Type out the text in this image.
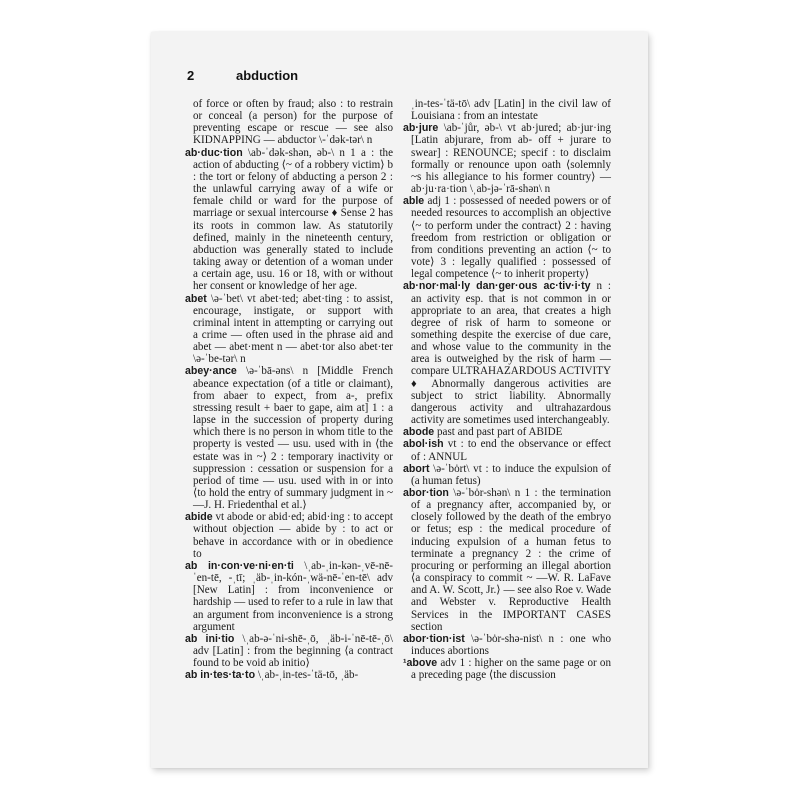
2	abduction

of force or often by fraud; also : to restrain or conceal (a person) for the purpose of preventing escape or rescue — see also KIDNAPPING — abductor \-ˈdək-tər\ n

ab·duc·tion \ab-ˈdək-shən, əb-\ n 1 a : the action of abducting ⟨~ of a robbery victim⟩ b : the tort or felony of abducting a person 2 : the unlawful carrying away of a wife or female child or ward for the purpose of marriage or sexual intercourse ♦ Sense 2 has its roots in common law. As statutorily defined, mainly in the nineteenth century, abduction was generally stated to include taking away or detention of a woman under a certain age, usu. 16 or 18, with or without her consent or knowledge of her age.

abet \ə-ˈbet\ vt abet·ted; abet·ting : to assist, encourage, instigate, or support with criminal intent in attempting or carrying out a crime — often used in the phrase aid and abet — abet·ment n — abet·tor also abet·ter \ə-ˈbe-tər\ n

abey·ance \ə-ˈbā-əns\ n [Middle French abeance expectation (of a title or claimant), from abaer to expect, from a-, prefix stressing result + baer to gape, aim at] 1 : a lapse in the succession of property during which there is no person in whom title to the property is vested — usu. used with in ⟨the estate was in ~⟩ 2 : temporary inactivity or suppression : cessation or suspension for a period of time — usu. used with in or into ⟨to hold the entry of summary judgment in ~ —J. H. Friedenthal et al.⟩

abide vt abode or abid·ed; abid·ing : to accept without objection — abide by : to act or behave in accordance with or in obedience to

ab in·con·ve·ni·en·ti \ˌab-ˌin-kən-ˌvē-nē-ˈen-tē, -ˌtī; ˌäb-ˌin-kón-ˌwä-nē-ˈen-tē\ adv [New Latin] : from inconvenience or hardship — used to refer to a rule in law that an argument from inconvenience is a strong argument

ab ini·tio \ˌab-ə-ˈni-shē-ˌō, ˌäb-i-ˈnē-tē-ˌō\ adv [Latin] : from the beginning ⟨a contract found to be void ab initio⟩

ab in·tes·ta·to \ˌab-ˌin-tes-ˈtä-tō, ˌäb-

ˌin-tes-ˈtä-tō\ adv [Latin] in the civil law of Louisiana : from an intestate

ab·jure \ab-ˈjůr, əb-\ vt ab·jured; ab·jur·ing [Latin abjurare, from ab- off + jurare to swear] : RENOUNCE; specif : to disclaim formally or renounce upon oath ⟨solemnly ~s his allegiance to his former country⟩ — ab·ju·ra·tion \ˌab-jə-ˈrā-shən\ n

able adj 1 : possessed of needed powers or of needed resources to accomplish an objective ⟨~ to perform under the contract⟩ 2 : having freedom from restriction or obligation or from conditions preventing an action ⟨~ to vote⟩ 3 : legally qualified : possessed of legal competence ⟨~ to inherit property⟩

ab·nor·mal·ly dan·ger·ous ac·tiv·i·ty n : an activity esp. that is not common in or appropriate to an area, that creates a high degree of risk of harm to someone or something despite the exercise of due care, and whose value to the community in the area is outweighed by the risk of harm — compare ULTRAHAZARDOUS ACTIVITY ♦ Abnormally dangerous activities are subject to strict liability. Abnormally dangerous activity and ultrahazardous activity are sometimes used interchangeably.

abode past and past part of ABIDE

abol·ish vt : to end the observance or effect of : ANNUL

abort \ə-ˈbȯrt\ vt : to induce the expulsion of (a human fetus)

abor·tion \ə-ˈbȯr-shən\ n 1 : the termination of a pregnancy after, accompanied by, or closely followed by the death of the embryo or fetus; esp : the medical procedure of inducing expulsion of a human fetus to terminate a pregnancy 2 : the crime of procuring or performing an illegal abortion ⟨a conspiracy to commit ~ —W. R. LaFave and A. W. Scott, Jr.⟩ — see also Roe v. Wade and Webster v. Reproductive Health Services in the IMPORTANT CASES section

abor·tion·ist \ə-ˈbȯr-shə-nist\ n : one who induces abortions

¹above adv 1 : higher on the same page or on a preceding page ⟨the discussion
